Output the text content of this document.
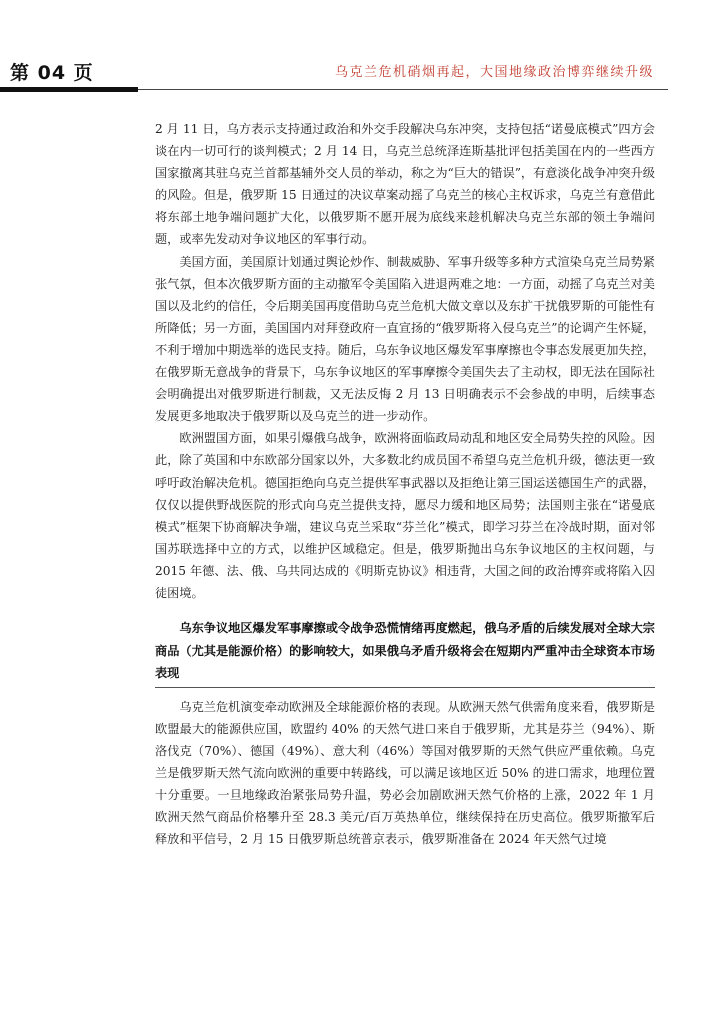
第 04 页	乌克兰危机硝烟再起，大国地缘政治博弈继续升级

2 月 11 日，乌方表示支持通过政治和外交手段解决乌东冲突，支持包括“诺曼底模式”四方会谈在内一切可行的谈判模式；2 月 14 日，乌克兰总统泽连斯基批评包括美国在内的一些西方国家撤离其驻乌克兰首都基辅外交人员的举动，称之为“巨大的错误”，有意淡化战争冲突升级的风险。但是，俄罗斯 15 日通过的决议草案动摇了乌克兰的核心主权诉求，乌克兰有意借此将东部土地争端问题扩大化，以俄罗斯不愿开展为底线来趁机解决乌克兰东部的领土争端问题，或率先发动对争议地区的军事行动。

美国方面，美国原计划通过舆论炒作、制裁威胁、军事升级等多种方式渲染乌克兰局势紧张气氛，但本次俄罗斯方面的主动撤军令美国陷入进退两难之地：一方面，动摇了乌克兰对美国以及北约的信任，令后期美国再度借助乌克兰危机大做文章以及东扩干扰俄罗斯的可能性有所降低；另一方面，美国国内对拜登政府一直宣扬的“俄罗斯将入侵乌克兰”的论调产生怀疑，不利于增加中期选举的选民支持。随后，乌东争议地区爆发军事摩擦也令事态发展更加失控，在俄罗斯无意战争的背景下，乌东争议地区的军事摩擦令美国失去了主动权，即无法在国际社会明确提出对俄罗斯进行制裁，又无法反悔 2 月 13 日明确表示不会参战的申明，后续事态发展更多地取决于俄罗斯以及乌克兰的进一步动作。

欧洲盟国方面，如果引爆俄乌战争，欧洲将面临政局动乱和地区安全局势失控的风险。因此，除了英国和中东欧部分国家以外，大多数北约成员国不希望乌克兰危机升级，德法更一致呼吁政治解决危机。德国拒绝向乌克兰提供军事武器以及拒绝让第三国运送德国生产的武器，仅仅以提供野战医院的形式向乌克兰提供支持，愿尽力缓和地区局势；法国则主张在“诺曼底模式”框架下协商解决争端，建议乌克兰采取“芬兰化”模式，即学习芬兰在冷战时期，面对邻国苏联选择中立的方式，以维护区域稳定。但是，俄罗斯抛出乌东争议地区的主权问题，与 2015 年德、法、俄、乌共同达成的《明斯克协议》相违背，大国之间的政治博弈或将陷入囚徒困境。

乌东争议地区爆发军事摩擦或令战争恐慌情绪再度燃起，俄乌矛盾的后续发展对全球大宗商品（尤其是能源价格）的影响较大，如果俄乌矛盾升级将会在短期内严重冲击全球资本市场表现

乌克兰危机演变牵动欧洲及全球能源价格的表现。从欧洲天然气供需角度来看，俄罗斯是欧盟最大的能源供应国，欧盟约 40% 的天然气进口来自于俄罗斯，尤其是芬兰（94%）、斯洛伐克（70%）、德国（49%）、意大利（46%）等国对俄罗斯的天然气供应严重依赖。乌克兰是俄罗斯天然气流向欧洲的重要中转路线，可以满足该地区近 50% 的进口需求，地理位置十分重要。一旦地缘政治紧张局势升温，势必会加剧欧洲天然气价格的上涨，2022 年 1 月欧洲天然气商品价格攀升至 28.3 美元/百万英热单位，继续保持在历史高位。俄罗斯撤军后释放和平信号，2 月 15 日俄罗斯总统普京表示，俄罗斯准备在 2024 年天然气过境
